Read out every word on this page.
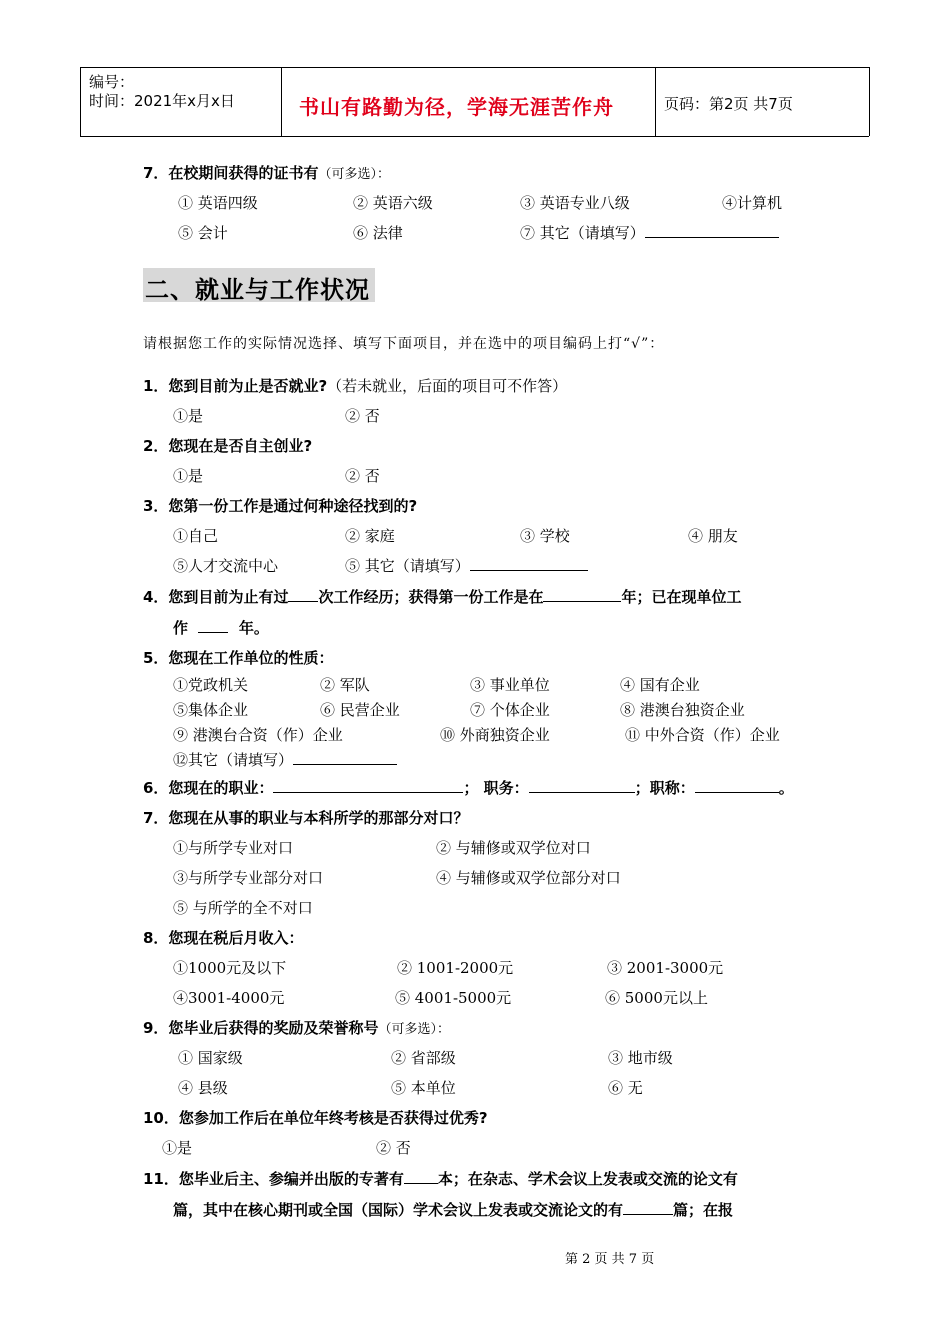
编号：
时间：2021年x月x日	书山有路勤为径，学海无涯苦作舟	页码：第2页 共7页
7．在校期间获得的证书有（可多选）：
① 英语四级	② 英语六级	③ 英语专业八级	④计算机
⑤ 会计	⑥ 法律	⑦ 其它（请填写）
二、就业与工作状况
请根据您工作的实际情况选择、填写下面项目，并在选中的项目编码上打“√”：
1．您到目前为止是否就业?（若未就业，后面的项目可不作答）
①是	② 否
2．您现在是否自主创业?
①是	② 否
3．您第一份工作是通过何种途径找到的?
①自己	② 家庭	③ 学校	④ 朋友
⑤人才交流中心	⑤ 其它（请填写）
4．您到目前为止有过 次工作经历；获得第一份工作是在	年；已在现单位工
作	年。
5．您现在工作单位的性质：
①党政机关	② 军队	③ 事业单位	④ 国有企业
⑤集体企业	⑥ 民营企业	⑦ 个体企业	⑧ 港澳台独资企业
⑨ 港澳台合资（作）企业	⑩ 外商独资企业	⑪ 中外合资（作）企业
⑫其它（请填写）
6．您现在的职业：	； 职务：	；职称：	。
7．您现在从事的职业与本科所学的那部分对口？
①与所学专业对口	② 与辅修或双学位对口
③与所学专业部分对口	④ 与辅修或双学位部分对口
⑤ 与所学的全不对口
8．您现在税后月收入：
①1000元及以下	② 1001-2000元	③ 2001-3000元
④3001-4000元	⑤ 4001-5000元	⑥ 5000元以上
9．您毕业后获得的奖励及荣誉称号（可多选）：
① 国家级	② 省部级	③ 地市级
④ 县级	⑤ 本单位	⑥ 无
10．您参加工作后在单位年终考核是否获得过优秀?
①是	② 否
11．您毕业后主、参编并出版的专著有 本；在杂志、学术会议上发表或交流的论文有
篇，其中在核心期刊或全国（国际）学术会议上发表或交流论文的有	篇；在报
第 2 页 共 7 页
